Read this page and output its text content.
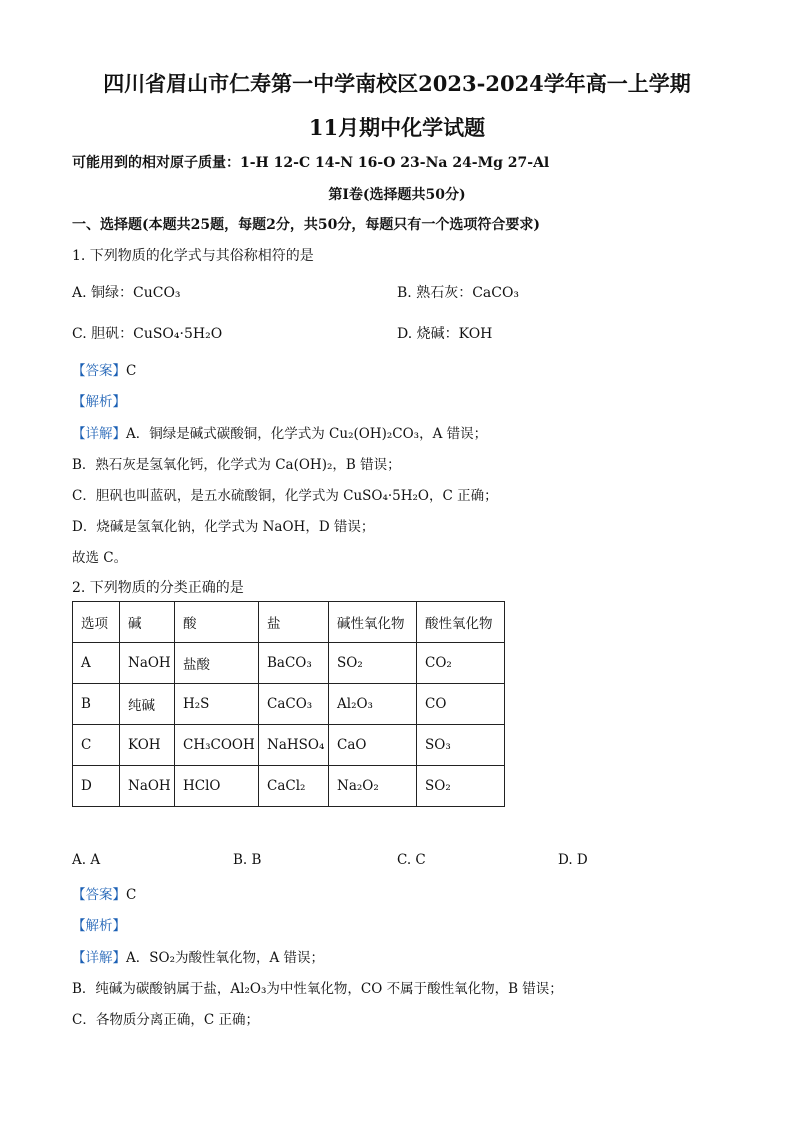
四川省眉山市仁寿第一中学南校区2023-2024学年高一上学期
11月期中化学试题
可能用到的相对原子质量：1-H 12-C 14-N 16-O 23-Na 24-Mg 27-Al
第Ⅰ卷(选择题共50分)
一、选择题(本题共25题，每题2分，共50分，每题只有一个选项符合要求)
1. 下列物质的化学式与其俗称相符的是
A. 铜绿：CuCO₃	B. 熟石灰：CaCO₃
C. 胆矾：CuSO₄·5H₂O	D. 烧碱：KOH
【答案】C
【解析】
【详解】A．铜绿是碱式碳酸铜，化学式为 Cu₂(OH)₂CO₃，A 错误；
B．熟石灰是氢氧化钙，化学式为 Ca(OH)₂，B 错误；
C．胆矾也叫蓝矾，是五水硫酸铜，化学式为 CuSO₄·5H₂O，C 正确；
D．烧碱是氢氧化钠，化学式为 NaOH，D 错误；
故选 C。
2. 下列物质的分类正确的是
选项	碱	酸	盐	碱性氧化物	酸性氧化物
A	NaOH	盐酸	BaCO₃	SO₂	CO₂
B	纯碱	H₂S	CaCO₃	Al₂O₃	CO
C	KOH	CH₃COOH	NaHSO₄	CaO	SO₃
D	NaOH	HClO	CaCl₂	Na₂O₂	SO₂
A. A	B. B	C. C	D. D
【答案】C
【解析】
【详解】A．SO₂为酸性氧化物，A 错误；
B．纯碱为碳酸钠属于盐，Al₂O₃为中性氧化物，CO 不属于酸性氧化物，B 错误；
C．各物质分离正确，C 正确；
